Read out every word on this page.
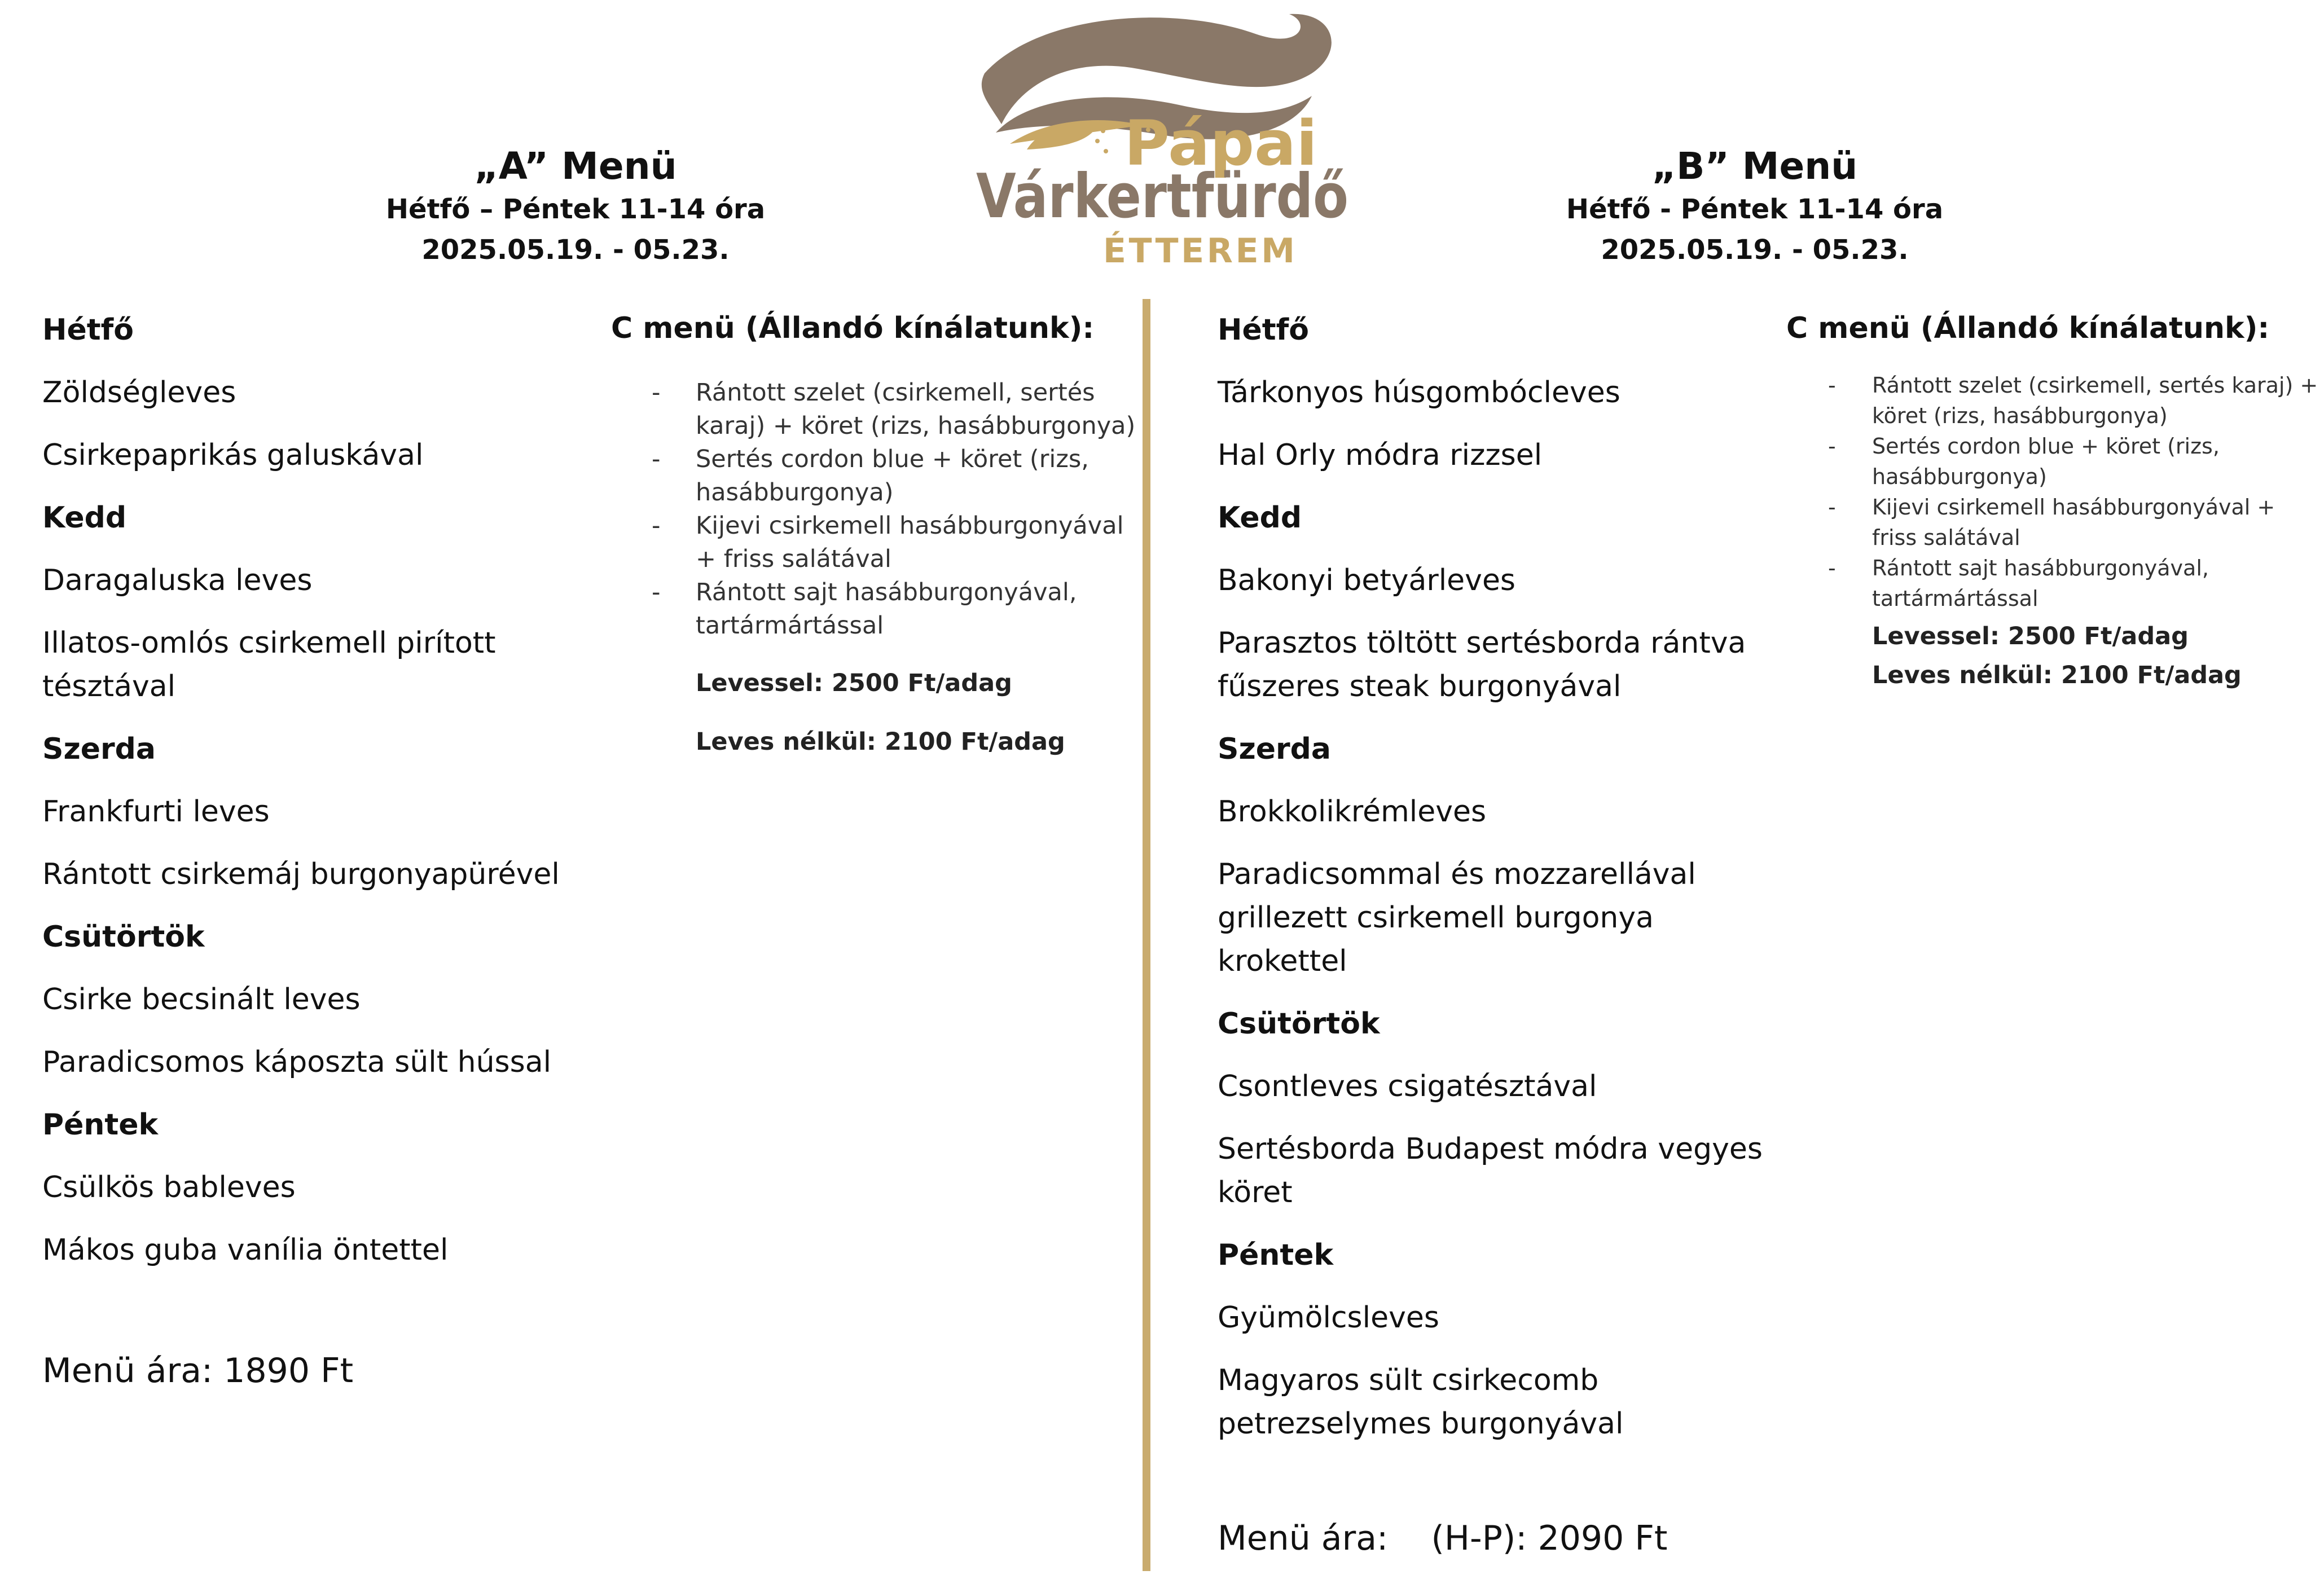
Pápai
Várkertfürdő
ÉTTEREM
„A” Menü
Hétfő – Péntek 11-14 óra
2025.05.19. - 05.23.
„B” Menü
Hétfő - Péntek 11-14 óra
2025.05.19. - 05.23.
Hétfő
Zöldségleves
Csirkepaprikás galuskával
Kedd
Daragaluska leves
Illatos-omlós csirkemell pirított
tésztával
Szerda
Frankfurti leves
Rántott csirkemáj burgonyapürével
Csütörtök
Csirke becsinált leves
Paradicsomos káposzta sült hússal
Péntek
Csülkös bableves
Mákos guba vanília öntettel
Menü ára: 1890 Ft
Hétfő
Tárkonyos húsgombócleves
Hal Orly módra rizzsel
Kedd
Bakonyi betyárleves
Parasztos töltött sertésborda rántva
fűszeres steak burgonyával
Szerda
Brokkolikrémleves
Paradicsommal és mozzarellával
grillezett csirkemell burgonya
krokettel
Csütörtök
Csontleves csigatésztával
Sertésborda Budapest módra vegyes
köret
Péntek
Gyümölcsleves
Magyaros sült csirkecomb
petrezselymes burgonyával
Menü ára:    (H-P): 2090 Ft
C menü (Állandó kínálatunk):
- Rántott szelet (csirkemell, sertés
karaj) + köret (rizs, hasábburgonya)
- Sertés cordon blue + köret (rizs,
hasábburgonya)
- Kijevi csirkemell hasábburgonyával
+ friss salátával
- Rántott sajt hasábburgonyával,
tartármártással
Levessel: 2500 Ft/adag
Leves nélkül: 2100 Ft/adag
C menü (Állandó kínálatunk):
- Rántott szelet (csirkemell, sertés karaj) +
köret (rizs, hasábburgonya)
- Sertés cordon blue + köret (rizs,
hasábburgonya)
- Kijevi csirkemell hasábburgonyával +
friss salátával
- Rántott sajt hasábburgonyával,
tartármártással
Levessel: 2500 Ft/adag
Leves nélkül: 2100 Ft/adag
